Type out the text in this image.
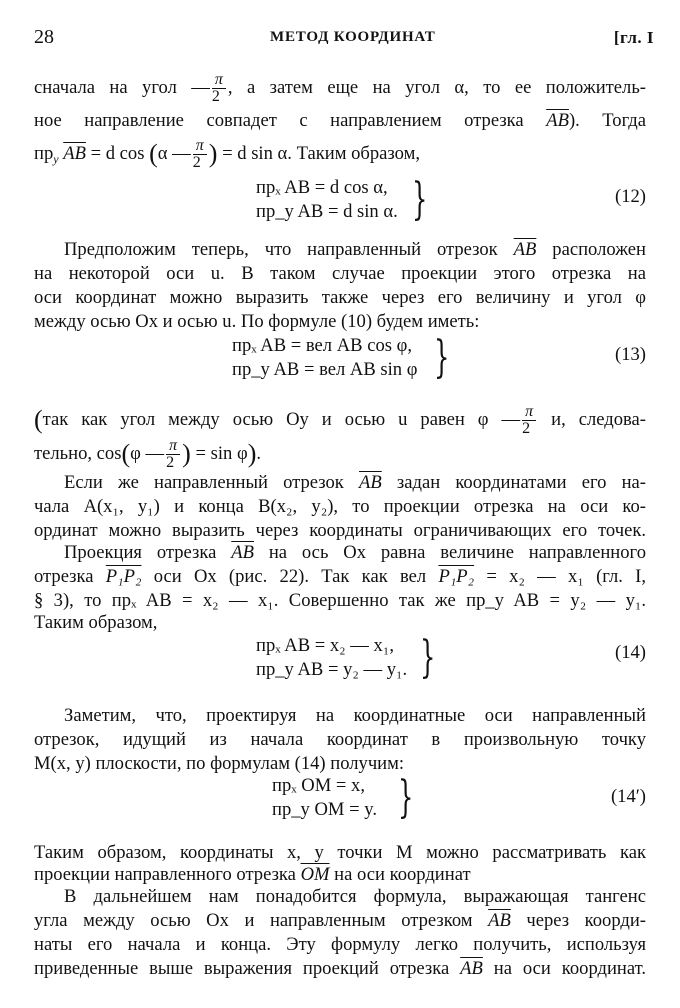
28	МЕТОД КООРДИНАТ	[гл. I
сначала на угол — $\frac{\pi}{2}$ , а затем еще на угол α, то ее положитель-
ное направление совпадет с направлением отрезка $\overline{AB}$). Тогда
$пр_y$ $\overline{AB} = d$ cos (α — $\frac{\pi}{2}$ ) = d sin α. Таким образом,
прₓ AB = d cos α,
пр_y AB = d sin α. }	(12)
Предположим теперь, что направленный отрезок $\overline{AB}$ расположен
на некоторой оси u. В таком случае проекции этого отрезка на
оси координат можно выразить также через его величину и угол φ
между осью Ox и осью u. По формуле (10) будем иметь:
прₓ AB = вел AB cos φ,
пр_y AB = вел AB sin φ }	(13)
(так как угол между осью Oy и осью u равен φ — $\frac{\pi}{2} и$, следова-
тельно, cos(φ — $\frac{\pi}{2}$ ) = sin φ).
Если же направленный отрезок $\overline{AB}$ задан координатами его на-
чала A(x₁, y₁) и конца B(x₂, y₂), то проекции отрезка на оси ко-
ординат можно выразить через координаты ограничивающих его точек.
Проекция отрезка $\overline{AB}$ на ось Ox равна величине направленного
отрезка P₁P₂ оси Ox (рис. 22). Так как вел P₁P₂ = x₂ — x₁ (гл. I,
§ 3), то прₓ AB = x₂ — x₁. Совершенно так же пр_y AB = y₂ — y₁.
Таким образом,
прₓ AB = x₂ — x₁,
пр_y AB = y₂ — y₁. }	(14)
Заметим, что, проектируя на координатные оси направленный
отрезок, идущий из начала координат в произвольную точку
M(x, y) плоскости, по формулам (14) получим:
прₓ OM = x,
пр_y OM = y. }	(14′)
Таким образом, координаты x, y точки M можно рассматривать как
проекции направленного отрезка $\overline{OM}$ на оси координат
В дальнейшем нам понадобится формула, выражающая тангенс
угла между осью Ox и направленным отрезком $\overline{AB}$ через коорди-
наты его начала и конца. Эту формулу легко получить, используя
приведенные выше выражения проекций отрезка $\overline{AB}$ на оси координат.
